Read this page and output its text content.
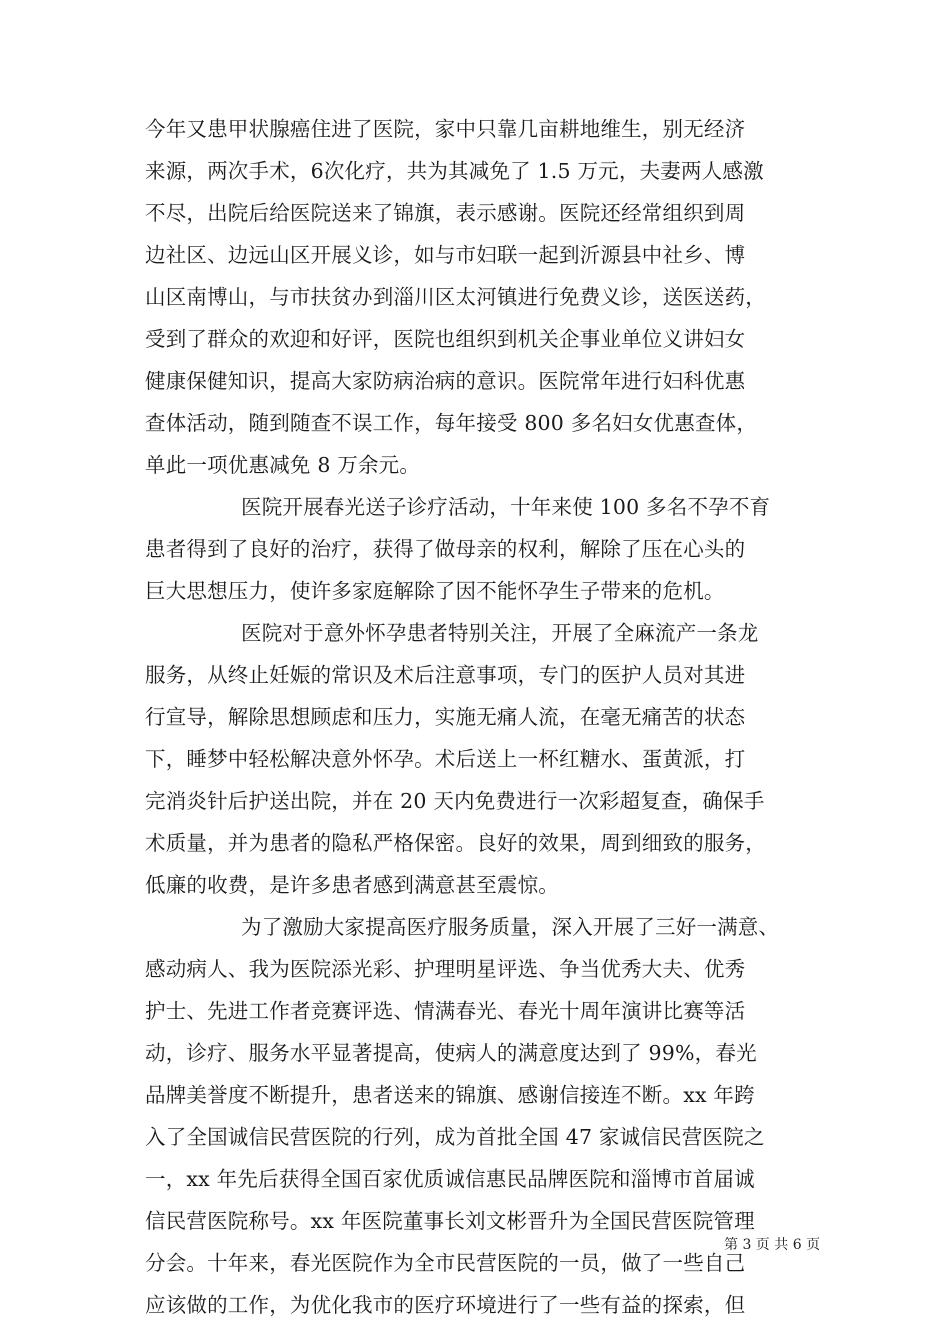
今年又患甲状腺癌住进了医院，家中只靠几亩耕地维生，别无经济
来源，两次手术，6次化疗，共为其减免了 1.5 万元，夫妻两人感激
不尽，出院后给医院送来了锦旗，表示感谢。医院还经常组织到周
边社区、边远山区开展义诊，如与市妇联一起到沂源县中社乡、博
山区南博山，与市扶贫办到淄川区太河镇进行免费义诊，送医送药，
受到了群众的欢迎和好评，医院也组织到机关企事业单位义讲妇女
健康保健知识，提高大家防病治病的意识。医院常年进行妇科优惠
查体活动，随到随查不误工作，每年接受 800 多名妇女优惠查体，
单此一项优惠减免 8 万余元。
医院开展春光送子诊疗活动，十年来使 100 多名不孕不育
患者得到了良好的治疗，获得了做母亲的权利，解除了压在心头的
巨大思想压力，使许多家庭解除了因不能怀孕生子带来的危机。
医院对于意外怀孕患者特别关注，开展了全麻流产一条龙
服务，从终止妊娠的常识及术后注意事项，专门的医护人员对其进
行宣导，解除思想顾虑和压力，实施无痛人流，在毫无痛苦的状态
下，睡梦中轻松解决意外怀孕。术后送上一杯红糖水、蛋黄派，打
完消炎针后护送出院，并在 20 天内免费进行一次彩超复查，确保手
术质量，并为患者的隐私严格保密。良好的效果，周到细致的服务，
低廉的收费，是许多患者感到满意甚至震惊。
为了激励大家提高医疗服务质量，深入开展了三好一满意、
感动病人、我为医院添光彩、护理明星评选、争当优秀大夫、优秀
护士、先进工作者竞赛评选、情满春光、春光十周年演讲比赛等活
动，诊疗、服务水平显著提高，使病人的满意度达到了 99%，春光
品牌美誉度不断提升，患者送来的锦旗、感谢信接连不断。xx 年跨
入了全国诚信民营医院的行列，成为首批全国 47 家诚信民营医院之
一，xx 年先后获得全国百家优质诚信惠民品牌医院和淄博市首届诚
信民营医院称号。xx 年医院董事长刘文彬晋升为全国民营医院管理
分会。十年来，春光医院作为全市民营医院的一员，做了一些自己
应该做的工作，为优化我市的医疗环境进行了一些有益的探索，但
第 3 页 共 6 页
